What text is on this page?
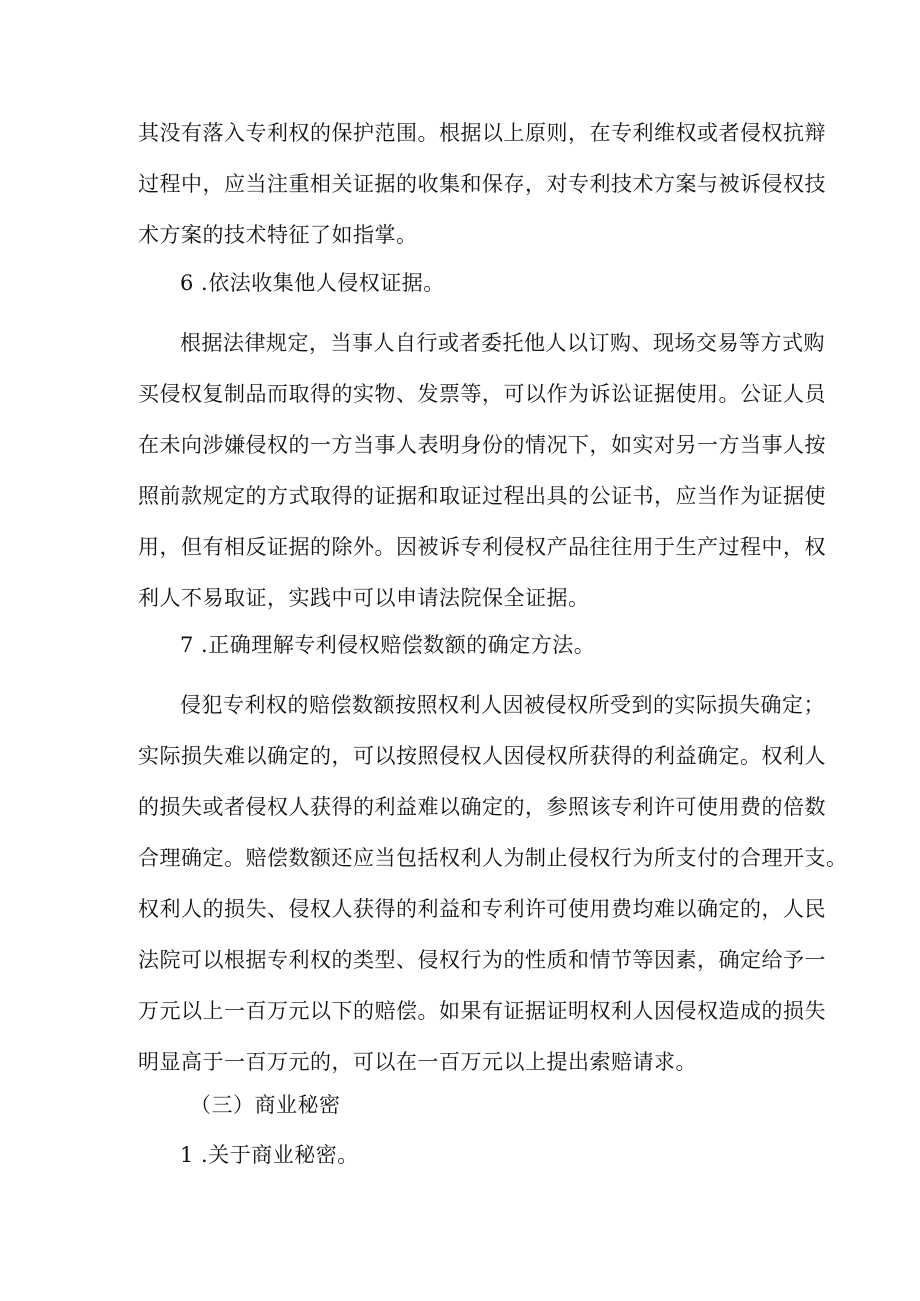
其没有落入专利权的保护范围。根据以上原则，在专利维权或者侵权抗辩
过程中，应当注重相关证据的收集和保存，对专利技术方案与被诉侵权技
术方案的技术特征了如指掌。

6 .依法收集他人侵权证据。

根据法律规定，当事人自行或者委托他人以订购、现场交易等方式购
买侵权复制品而取得的实物、发票等，可以作为诉讼证据使用。公证人员
在未向涉嫌侵权的一方当事人表明身份的情况下，如实对另一方当事人按
照前款规定的方式取得的证据和取证过程出具的公证书，应当作为证据使
用，但有相反证据的除外。因被诉专利侵权产品往往用于生产过程中，权
利人不易取证，实践中可以申请法院保全证据。

7 .正确理解专利侵权赔偿数额的确定方法。

侵犯专利权的赔偿数额按照权利人因被侵权所受到的实际损失确定；
实际损失难以确定的，可以按照侵权人因侵权所获得的利益确定。权利人
的损失或者侵权人获得的利益难以确定的，参照该专利许可使用费的倍数
合理确定。赔偿数额还应当包括权利人为制止侵权行为所支付的合理开支。
权利人的损失、侵权人获得的利益和专利许可使用费均难以确定的，人民
法院可以根据专利权的类型、侵权行为的性质和情节等因素，确定给予一
万元以上一百万元以下的赔偿。如果有证据证明权利人因侵权造成的损失
明显高于一百万元的，可以在一百万元以上提出索赔请求。

（三）商业秘密

1 .关于商业秘密。
